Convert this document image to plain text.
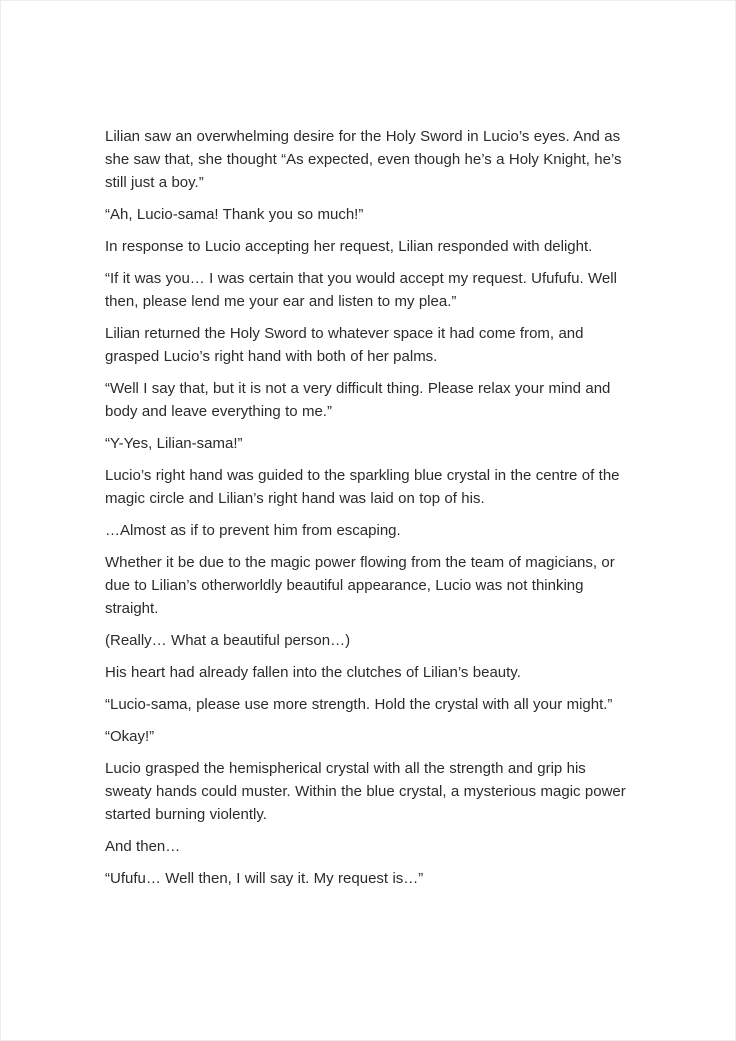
Lilian saw an overwhelming desire for the Holy Sword in Lucio’s eyes. And as she saw that, she thought “As expected, even though he’s a Holy Knight, he’s still just a boy.”

“Ah, Lucio-sama! Thank you so much!”

In response to Lucio accepting her request, Lilian responded with delight.

“If it was you… I was certain that you would accept my request. Ufufufu. Well then, please lend me your ear and listen to my plea.”

Lilian returned the Holy Sword to whatever space it had come from, and grasped Lucio’s right hand with both of her palms.

“Well I say that, but it is not a very difficult thing. Please relax your mind and body and leave everything to me.”

“Y-Yes, Lilian-sama!”

Lucio’s right hand was guided to the sparkling blue crystal in the centre of the magic circle and Lilian’s right hand was laid on top of his.

…Almost as if to prevent him from escaping.

Whether it be due to the magic power flowing from the team of magicians, or due to Lilian’s otherworldly beautiful appearance, Lucio was not thinking straight.

(Really… What a beautiful person…)

His heart had already fallen into the clutches of Lilian’s beauty.

“Lucio-sama, please use more strength. Hold the crystal with all your might.”

“Okay!”

Lucio grasped the hemispherical crystal with all the strength and grip his sweaty hands could muster. Within the blue crystal, a mysterious magic power started burning violently.

And then…

“Ufufu… Well then, I will say it. My request is…”
